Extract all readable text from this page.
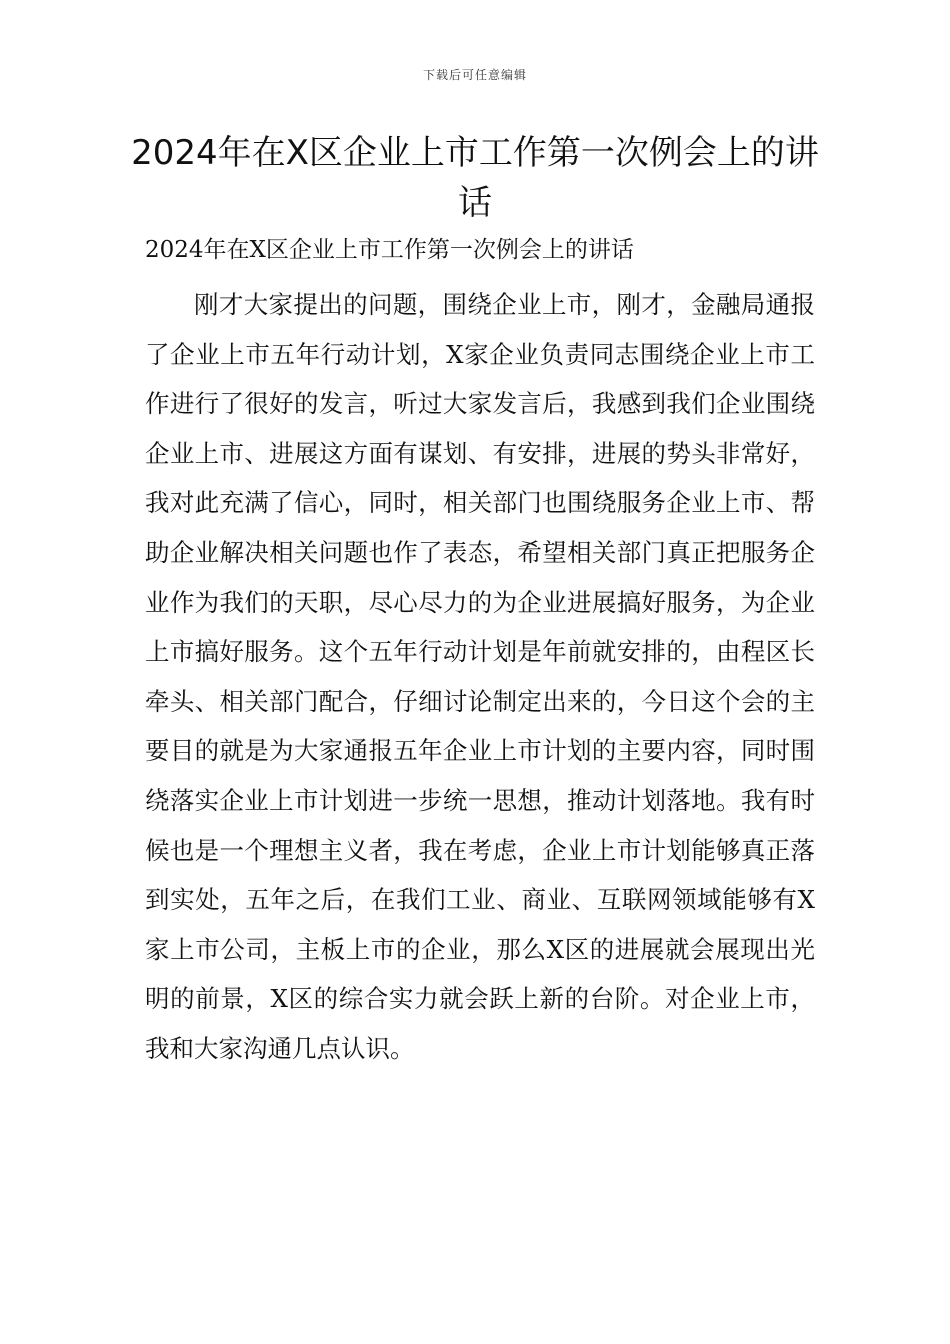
下载后可任意编辑
2024年在X区企业上市工作第一次例会上的讲话

2024年在X区企业上市工作第一次例会上的讲话

刚才大家提出的问题，围绕企业上市，刚才，金融局通报了企业上市五年行动计划，X家企业负责同志围绕企业上市工作进行了很好的发言，听过大家发言后，我感到我们企业围绕企业上市、进展这方面有谋划、有安排，进展的势头非常好，我对此充满了信心，同时，相关部门也围绕服务企业上市、帮助企业解决相关问题也作了表态，希望相关部门真正把服务企业作为我们的天职，尽心尽力的为企业进展搞好服务，为企业上市搞好服务。这个五年行动计划是年前就安排的，由程区长牵头、相关部门配合，仔细讨论制定出来的，今日这个会的主要目的就是为大家通报五年企业上市计划的主要内容，同时围绕落实企业上市计划进一步统一思想，推动计划落地。我有时候也是一个理想主义者，我在考虑，企业上市计划能够真正落到实处，五年之后，在我们工业、商业、互联网领域能够有X家上市公司，主板上市的企业，那么X区的进展就会展现出光明的前景，X区的综合实力就会跃上新的台阶。对企业上市，我和大家沟通几点认识。
